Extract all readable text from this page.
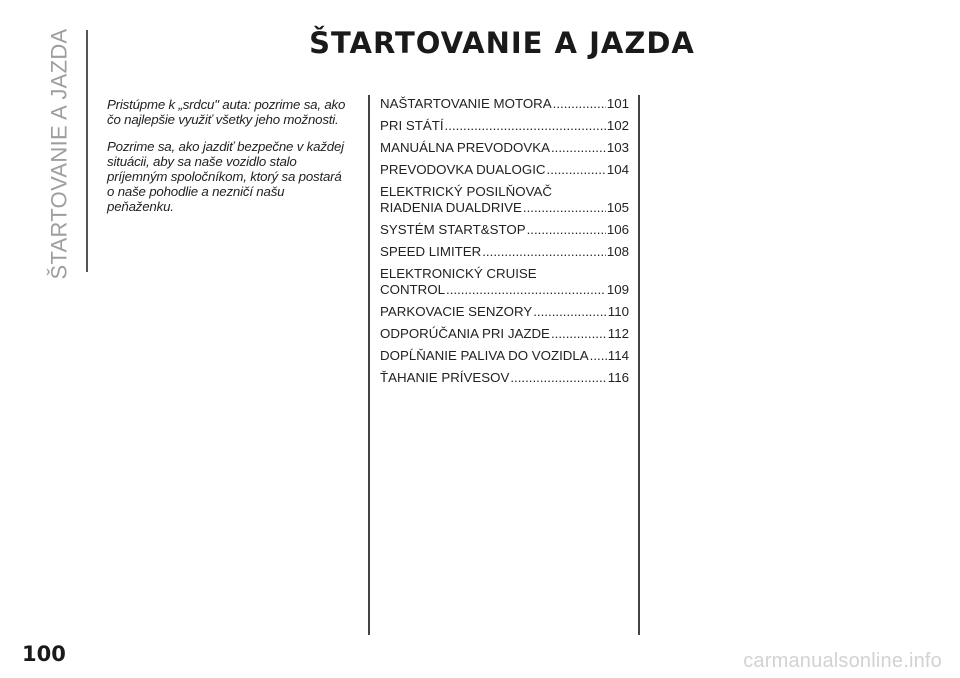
ŠTARTOVANIE A JAZDA	ŠTARTOVANIE A JAZDA

Pristúpme k „srdcu" auta: pozrime sa, ako čo najlepšie využiť všetky jeho možnosti.

Pozrime sa, ako jazdiť bezpečne v každej situácii, aby sa naše vozidlo stalo príjemným spoločníkom, ktorý sa postará o naše pohodlie a nezničí našu peňaženku.

NAŠTARTOVANIE MOTORA .....	101
PRI STÁTÍ .....	102
MANUÁLNA PREVODOVKA .....	103
PREVODOVKA DUALOGIC .....	104
ELEKTRICKÝ POSILŇOVAČ
RIADENIA DUALDRIVE .....	105
SYSTÉM START&STOP .....	106
SPEED LIMITER .....	108
ELEKTRONICKÝ CRUISE
CONTROL .....	109
PARKOVACIE SENZORY .....	110
ODPORÚČANIA PRI JAZDE .....	112
DOPĹŇANIE PALIVA DO VOZIDLA ..... 114
ŤAHANIE PRÍVESOV .....	116
100	carmanualsonline.info
